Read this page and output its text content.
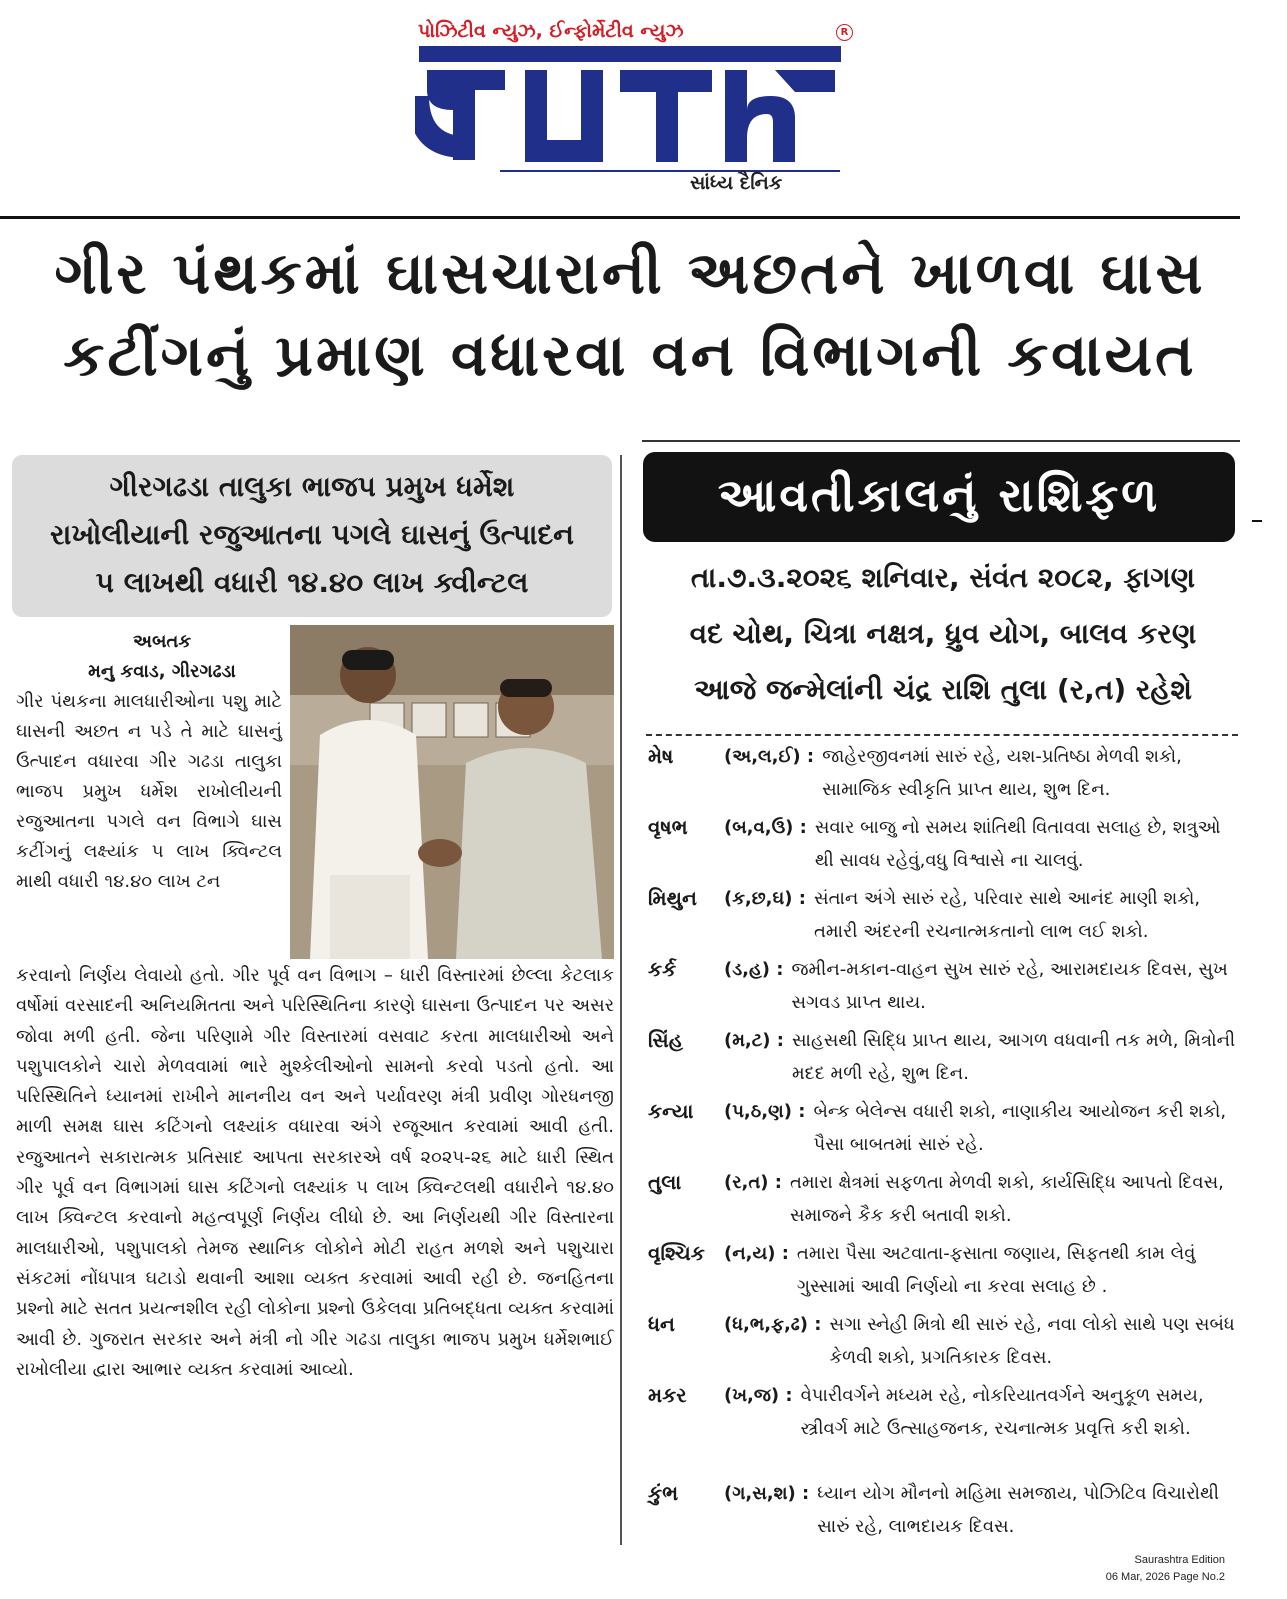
પોઝિટીવ ન્યુઝ, ઈન્ફોર્મેટીવ ન્યુઝ	R
સાંધ્ય દૈનિક
ગીર પંથકમાં ઘાસચારાની અછતને ખાળવા ઘાસ
કટીંગનું પ્રમાણ વધારવા વન વિભાગની કવાયત
ગીરગઢડા તાલુકા ભાજપ પ્રમુખ ધર્મેશ
રાખોલીયાની રજુઆતના પગલે ઘાસનું ઉત્પાદન
૫ લાખથી વધારી ૧૪.૪૦ લાખ ક્વીન્ટલ
અબતક
મનુ કવાડ, ગીરગઢડા
ગીર પંથકના માલધારીઓના પશુ માટે ઘાસની અછત ન પડે તે માટે ઘાસનું ઉત્પાદન વધારવા ગીર ગઢડા તાલુકા ભાજપ પ્રમુખ ધર્મેશ રાખોલીયની રજુઆતના પગલે વન વિભાગે ઘાસ કટીંગનું લક્ષ્યાંક ૫ લાખ ક્વિન્ટલ માથી વધારી ૧૪.૪૦ લાખ ટન
કરવાનો નિર્ણય લેવાયો હતો. ગીર પૂર્વ વન વિભાગ – ધારી વિસ્તારમાં છેલ્લા કેટલાક વર્ષોમાં વરસાદની અનિયમિતતા અને પરિસ્થિતિના કારણે ઘાસના ઉત્પાદન પર અસર જોવા મળી હતી. જેના પરિણામે ગીર વિસ્તારમાં વસવાટ કરતા માલધારીઓ અને પશુપાલકોને ચારો મેળવવામાં ભારે મુશ્કેલીઓનો સામનો કરવો પડતો હતો. આ પરિસ્થિતિને ધ્યાનમાં રાખીને માનનીય વન અને પર્યાવરણ મંત્રી પ્રવીણ ગોરધનજી માળી સમક્ષ ઘાસ કટિંગનો લક્ષ્યાંક વધારવા અંગે રજૂઆત કરવામાં આવી હતી. રજુઆતને સકારાત્મક પ્રતિસાદ આપતા સરકારએ વર્ષ ૨૦૨૫-૨૬ માટે ધારી સ્થિત ગીર પૂર્વ વન વિભાગમાં ઘાસ કટિંગનો લક્ષ્યાંક ૫ લાખ ક્વિન્ટલથી વધારીને ૧૪.૪૦ લાખ ક્વિન્ટલ કરવાનો મહત્વપૂર્ણ નિર્ણય લીધો છે. આ નિર્ણયથી ગીર વિસ્તારના માલધારીઓ, પશુપાલકો તેમજ સ્થાનિક લોકોને મોટી રાહત મળશે અને પશુચારા સંકટમાં નોંધપાત્ર ઘટાડો થવાની આશા વ્યક્ત કરવામાં આવી રહી છે. જનહિતના પ્રશ્નો માટે સતત પ્રયત્નશીલ રહી લોકોના પ્રશ્નો ઉકેલવા પ્રતિબદ્ધતા વ્યક્ત કરવામાં આવી છે. ગુજરાત સરકાર અને મંત્રી નો ગીર ગઢડા તાલુકા ભાજપ પ્રમુખ ધર્મેશભાઈ રાખોલીયા દ્વારા આભાર વ્યક્ત કરવામાં આવ્યો.
આવતીકાલનું રાશિફળ
તા.૭.૩.૨૦૨૬ શનિવાર, સંવંત ૨૦૮૨, ફાગણ
વદ ચોથ, ચિત્રા નક્ષત્ર, ધ્રુવ યોગ, બાલવ કરણ
આજે જન્મેલાંની ચંદ્ર રાશિ તુલા (ર,ત) રહેશે
મેષ	(અ,લ,ઈ) : જાહેરજીવનમાં સારું રહે, યશ-પ્રતિષ્ઠા મેળવી શકો, સામાજિક સ્વીકૃતિ પ્રાપ્ત થાય, શુભ દિન.
વૃષભ	(બ,વ,ઉ) : સવાર બાજુ નો સમય શાંતિથી વિતાવવા સલાહ છે, શત્રુઓ થી સાવધ રહેવું,વધુ વિશ્વાસે ના ચાલવું.
મિથુન	(ક,છ,ઘ) : સંતાન અંગે સારું રહે, પરિવાર સાથે આનંદ માણી શકો, તમારી અંદરની રચનાત્મકતાનો લાભ લઈ શકો.
કર્ક	(ડ,હ) : જમીન-મકાન-વાહન સુખ સારું રહે, આરામદાયક દિવસ, સુખ સગવડ પ્રાપ્ત થાય.
સિંહ	(મ,ટ) : સાહસથી સિદ્ધિ પ્રાપ્ત થાય, આગળ વધવાની તક મળે, મિત્રોની મદદ મળી રહે, શુભ દિન.
કન્યા	(પ,ઠ,ણ) : બેન્ક બેલેન્સ વધારી શકો, નાણાકીય આયોજન કરી શકો, પૈસા બાબતમાં સારું રહે.
તુલા	(ર,ત) : તમારા ક્ષેત્રમાં સફળતા મેળવી શકો, કાર્યસિદ્ધિ આપતો દિવસ, સમાજને કૈક કરી બતાવી શકો.
વૃશ્ચિક	(ન,ય) : તમારા પૈસા અટવાતા-ફસાતા જણાય, સિફતથી કામ લેવું ગુસ્સામાં આવી નિર્ણયો ના કરવા સલાહ છે .
ધન	(ધ,ભ,ફ,ઢ) : સગા સ્નેહી મિત્રો થી સારું રહે, નવા લોકો સાથે પણ સબંધ કેળવી શકો, પ્રગતિકારક દિવસ.
મકર	(ખ,જ) : વેપારીવર્ગને મધ્યમ રહે, નોકરિયાતવર્ગને અનુકૂળ સમય, સ્ત્રીવર્ગ માટે ઉત્સાહજનક, રચનાત્મક પ્રવૃત્તિ કરી શકો.
કુંભ	(ગ,સ,શ) : ધ્યાન યોગ મૌનનો મહિમા સમજાય, પોઝિટિવ વિચારોથી સારું રહે, લાભદાયક દિવસ.
Saurashtra Edition
06 Mar, 2026 Page No.2
